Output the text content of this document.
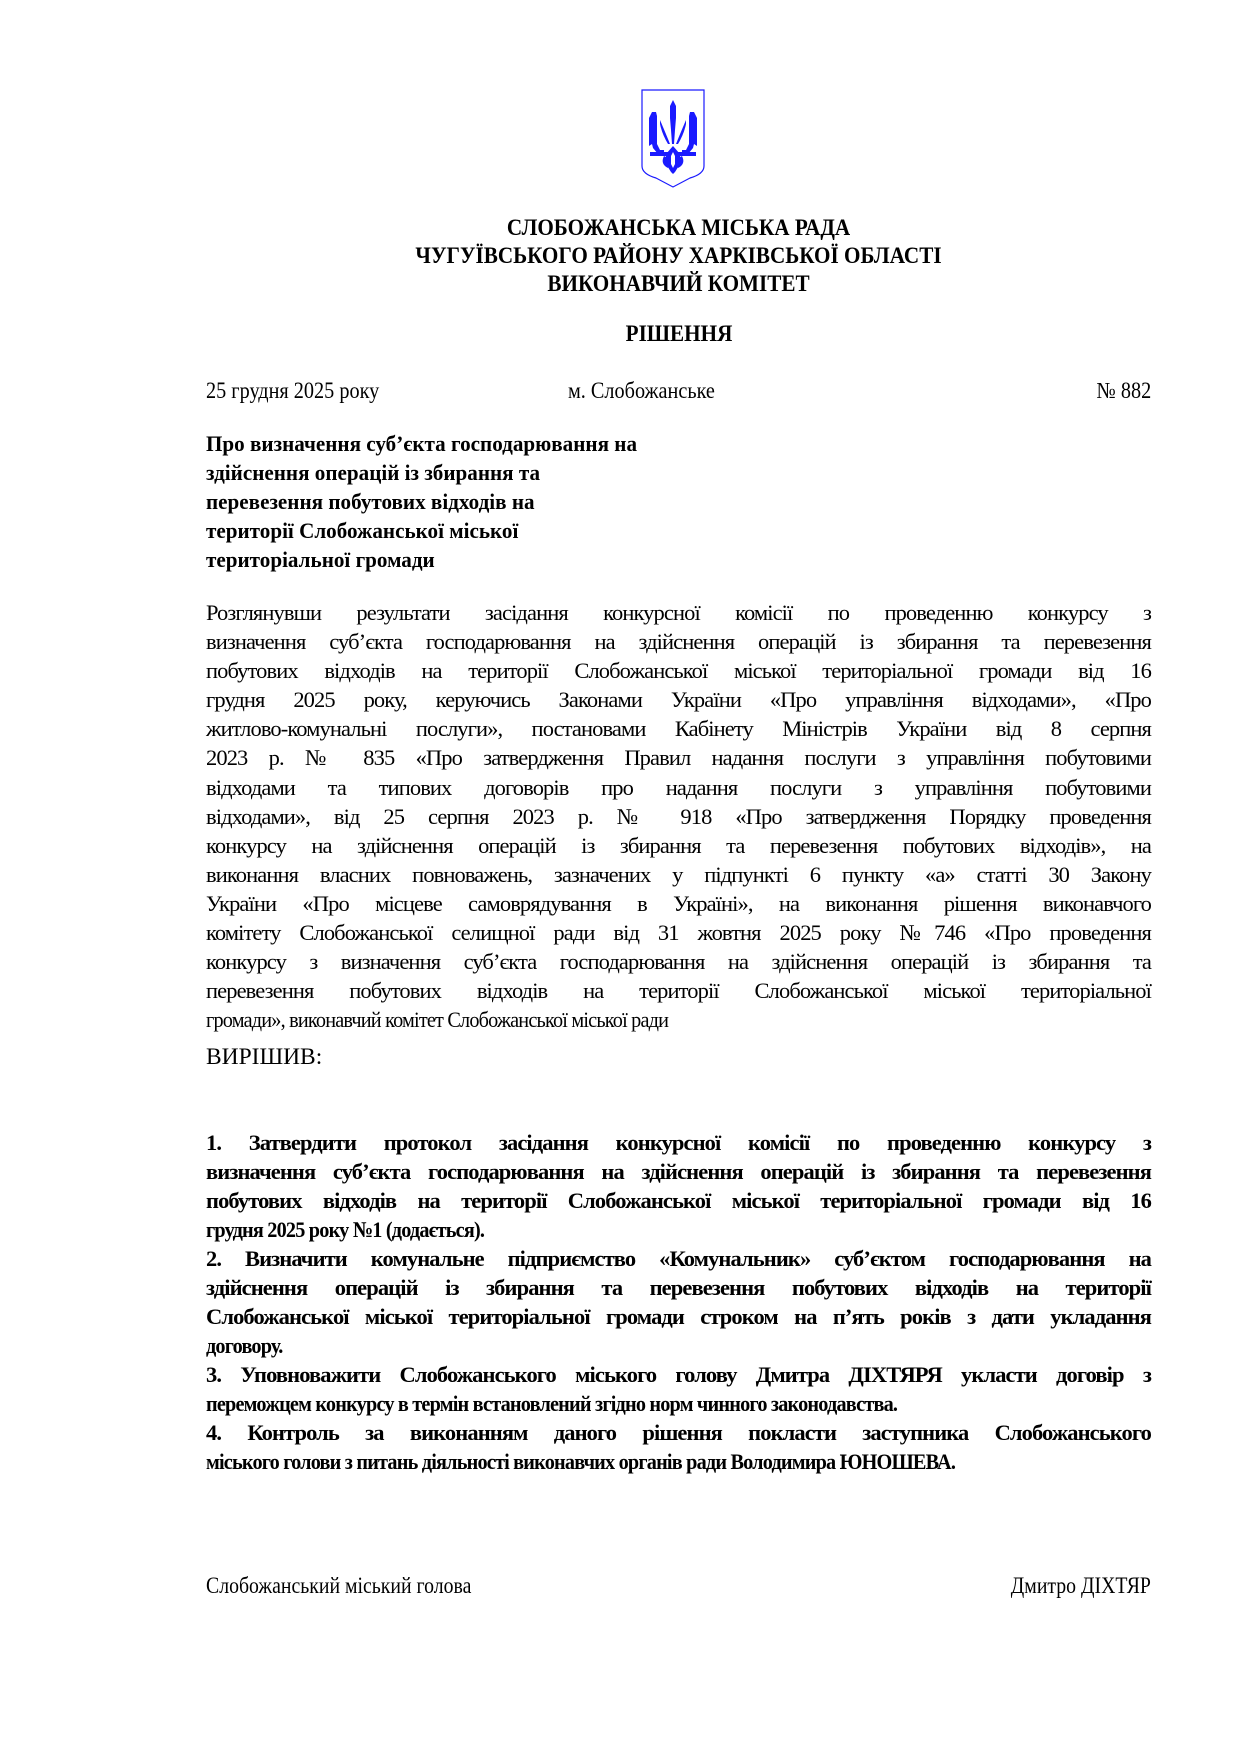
СЛОБОЖАНСЬКА МІСЬКА РАДА
ЧУГУЇВСЬКОГО РАЙОНУ ХАРКІВСЬКОЇ ОБЛАСТІ
ВИКОНАВЧИЙ КОМІТЕТ
РІШЕННЯ
25 грудня 2025 року	м. Слобожанське	№ 882
Про визначення суб’єкта господарювання на
здійснення операцій із збирання та
перевезення побутових відходів на
території Слобожанської міської
територіальної громади
Розглянувши результати засідання конкурсної комісії по проведенню конкурсу з
визначення суб’єкта господарювання на здійснення операцій із збирання та перевезення
побутових відходів на території Слобожанської міської територіальної громади від 16
грудня 2025 року, керуючись Законами України «Про управління відходами», «Про
житлово-комунальні послуги», постановами Кабінету Міністрів України від 8 серпня
2023 р. № 835 «Про затвердження Правил надання послуги з управління побутовими
відходами та типових договорів про надання послуги з управління побутовими
відходами», від 25 серпня 2023 р. № 918 «Про затвердження Порядку проведення
конкурсу на здійснення операцій із збирання та перевезення побутових відходів», на
виконання власних повноважень, зазначених у підпункті 6 пункту «а» статті 30 Закону
України «Про місцеве самоврядування в Україні», на виконання рішення виконавчого
комітету Слобожанської селищної ради від 31 жовтня 2025 року №746 «Про проведення
конкурсу з визначення суб’єкта господарювання на здійснення операцій із збирання та
перевезення побутових відходів на території Слобожанської міської територіальної
громади», виконавчий комітет Слобожанської міської ради
ВИРІШИВ:
1. Затвердити протокол засідання конкурсної комісії по проведенню конкурсу з
визначення суб’єкта господарювання на здійснення операцій із збирання та перевезення
побутових відходів на території Слобожанської міської територіальної громади від 16
грудня 2025 року №1 (додається).
2. Визначити комунальне підприємство «Комунальник» суб’єктом господарювання на
здійснення операцій із збирання та перевезення побутових відходів на території
Слобожанської міської територіальної громади строком на п’ять років з дати укладання
договору.
3. Уповноважити Слобожанського міського голову Дмитра ДІХТЯРЯ укласти договір з
переможцем конкурсу в термін встановлений згідно норм чинного законодавства.
4. Контроль за виконанням даного рішення покласти заступника Слобожанського
міського голови з питань діяльності виконавчих органів ради Володимира ЮНОШЕВА.
Слобожанський міський голова	Дмитро ДІХТЯР
